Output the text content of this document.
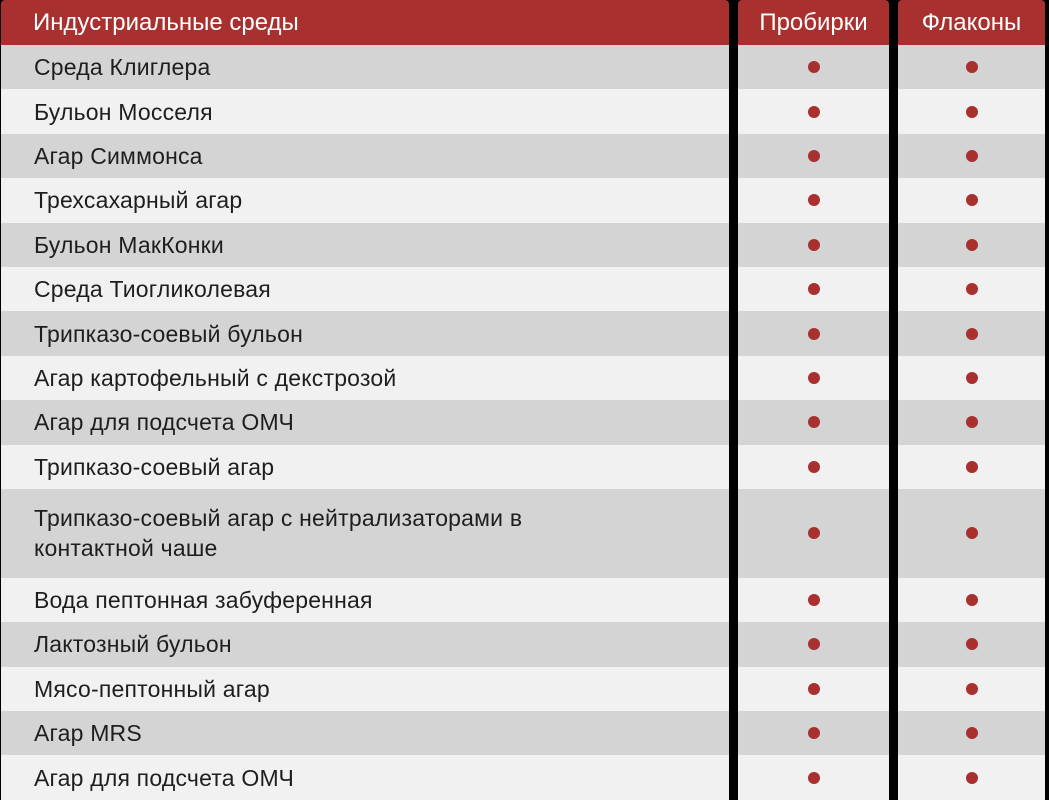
Индустриальные среды
Среда Клиглера
Бульон Мосселя
Агар Симмонса
Трехсахарный агар
Бульон МакКонки
Среда Тиогликолевая
Трипказо-соевый бульон
Агар картофельный с декстрозой
Агар для подсчета ОМЧ
Трипказо-соевый агар
Трипказо-соевый агар с нейтрализаторами в контактной чаше
Вода пептонная забуференная
Лактозный бульон
Мясо-пептонный агар
Агар MRS
Агар для подсчета ОМЧ
Пробирки	Флаконы
